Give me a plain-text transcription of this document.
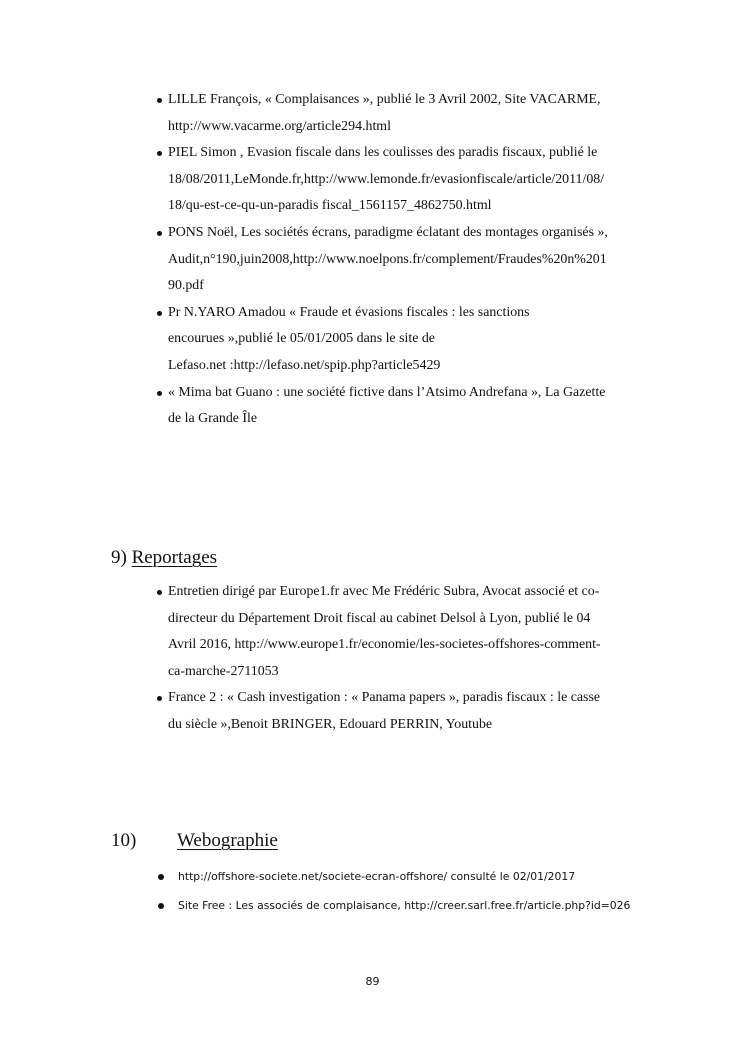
LILLE François, « Complaisances », publié le 3 Avril 2002, Site VACARME,
http://www.vacarme.org/article294.html
PIEL Simon , Evasion fiscale dans les coulisses des paradis fiscaux, publié le
18/08/2011,LeMonde.fr,http://www.lemonde.fr/evasionfiscale/article/2011/08/
18/qu-est-ce-qu-un-paradis fiscal_1561157_4862750.html
PONS Noël, Les sociétés écrans, paradigme éclatant des montages organisés »,
Audit,n°190,juin2008,http://www.noelpons.fr/complement/Fraudes%20n%201
90.pdf
Pr N.YARO Amadou « Fraude et évasions fiscales : les sanctions
encourues »,publié le 05/01/2005 dans le site de
Lefaso.net :http://lefaso.net/spip.php?article5429
« Mima bat Guano : une société fictive dans l’Atsimo Andrefana », La Gazette
de la Grande Île
9) Reportages
Entretien dirigé par Europe1.fr avec Me Frédéric Subra, Avocat associé et co-
directeur du Département Droit fiscal au cabinet Delsol à Lyon, publié le 04
Avril 2016, http://www.europe1.fr/economie/les-societes-offshores-comment-
ca-marche-2711053
France 2 : « Cash investigation : « Panama papers », paradis fiscaux : le casse
du siècle »,Benoit BRINGER, Edouard PERRIN, Youtube
10) Webographie
http://offshore-societe.net/societe-ecran-offshore/ consulté le 02/01/2017
Site Free : Les associés de complaisance, http://creer.sarl.free.fr/article.php?id=026
89
